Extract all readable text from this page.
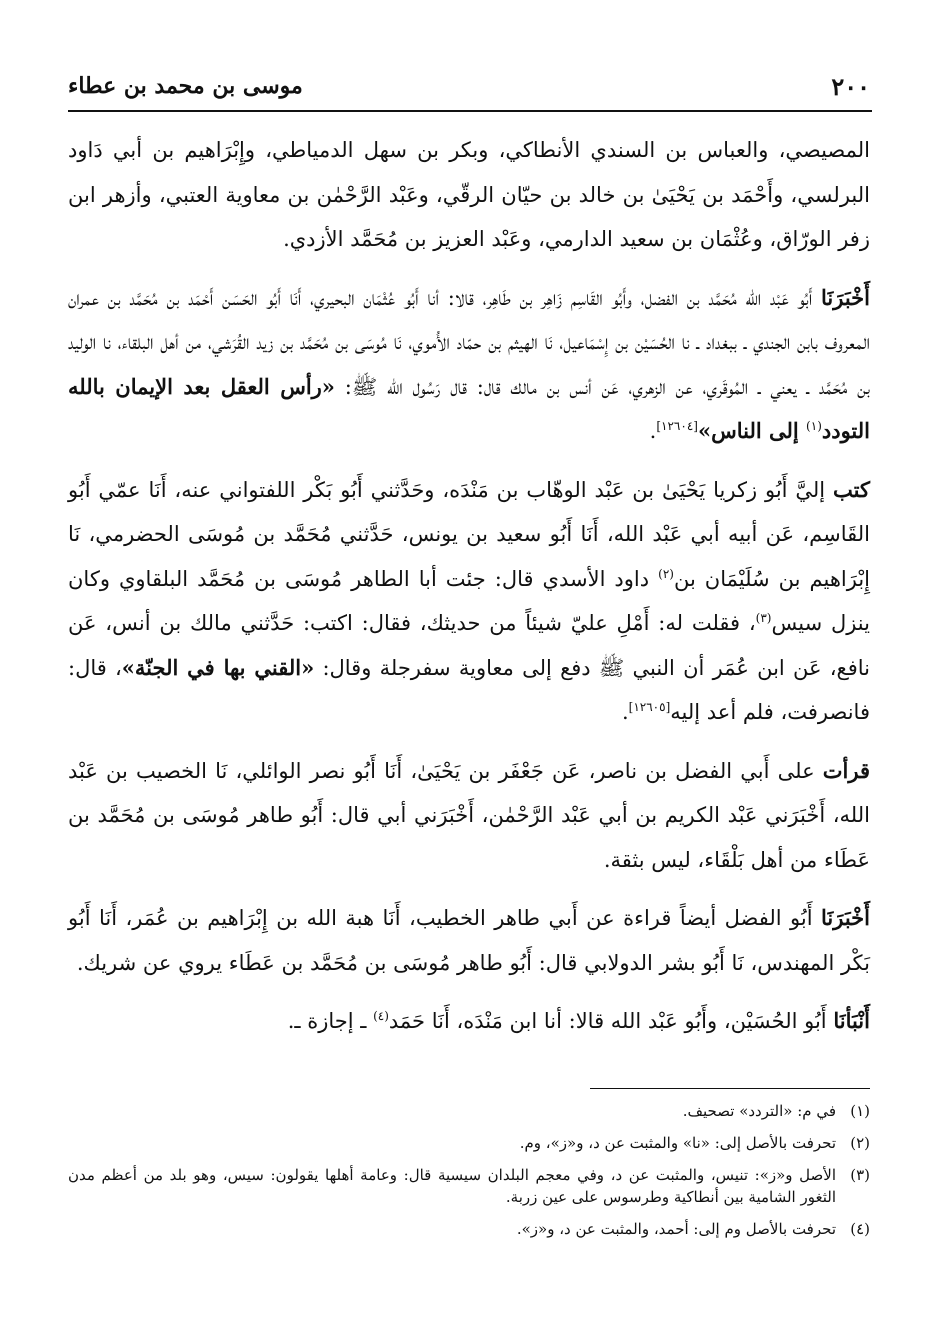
٢٠٠
موسى بن محمد بن عطاء

المصيصي، والعباس بن السندي الأنطاكي، وبكر بن سهل الدمياطي، وإِبْرَاهيم بن أبي دَاود البرلسي، وأَحْمَد بن يَحْيَىٰ بن خالد بن حيّان الرقّي، وعَبْد الرَّحْمٰن بن معاوية العتبي، وأزهر ابن زفر الورّاق، وعُثْمَان بن سعيد الدارمي، وعَبْد العزيز بن مُحَمَّد الأزدي.

أَخْبَرَنَا أَبُو عَبْد الله مُحَمَّد بن الفضل، وأَبُو القَاسِم زَاهِر بن طَاهِر، قالا: أنا أَبُو عُثْمَان البحيري، أَنَا أَبُو الحَسَن أَحْمَد بن مُحَمَّد بن عمران المعروف بابن الجندي ـ ببغداد ـ نا الحُسَيْن بن إِسْمَاعيل، نَا الهيثم بن حمّاد الأُموي، نَا مُوسَى بن مُحَمَّد بن زيد القُرَشي، من أهل البلقاء، نا الوليد بن مُحَمَّد ـ يعني ـ المُوقَري، عن الزهري، عَن أنس بن مالك قال: قال رَسُول الله ﷺ: «رأس العقل بعد الإيمان بالله التودد$^{(١)}$ إلى الناس»[١٢٦٠٤].

كتب إليَّ أَبُو زكريا يَحْيَىٰ بن عَبْد الوهّاب بن مَنْدَه، وحَدَّثني أَبُو بَكْر اللفتواني عنه، أَنَا عمّي أَبُو القَاسِم، عَن أبيه أبي عَبْد الله، أَنَا أَبُو سعيد بن يونس، حَدَّثني مُحَمَّد بن مُوسَى الحضرمي، نَا إِبْرَاهيم بن سُلَيْمَان بن$^{(٢)}$ داود الأسدي قال: جئت أبا الطاهر مُوسَى بن مُحَمَّد البلقاوي وكان ينزل سيس$^{(٣)}$، فقلت له: أَمْلِ عليّ شيئاً من حديثك، فقال: اكتب: حَدَّثني مالك بن أنس، عَن نافع، عَن ابن عُمَر أن النبي ﷺ دفع إلى معاوية سفرجلة وقال: «القني بها في الجنّة»، قال: فانصرفت، فلم أعد إليه[١٢٦٠٥].

قرأت على أَبي الفضل بن ناصر، عَن جَعْفَر بن يَحْيَىٰ، أَنَا أَبُو نصر الوائلي، نَا الخصيب بن عَبْد الله، أَخْبَرَني عَبْد الكريم بن أبي عَبْد الرَّحْمٰن، أَخْبَرَني أبي قال: أَبُو طاهر مُوسَى بن مُحَمَّد بن عَطَاء من أهل بَلْقَاء، ليس بثقة.

أَخْبَرَنَا أَبُو الفضل أيضاً قراءة عن أَبي طاهر الخطيب، أَنَا هبة الله بن إِبْرَاهيم بن عُمَر، أَنَا أَبُو بَكْر المهندس، نَا أَبُو بشر الدولابي قال: أَبُو طاهر مُوسَى بن مُحَمَّد بن عَطَاء يروي عن شريك.

أَنْبَأنَا أَبُو الحُسَيْن، وأَبُو عَبْد الله قالا: أنا ابن مَنْدَه، أَنَا حَمَد$^{(٤)}$ ـ إجازة ـ.

(١)
في م: «التردد» تصحيف.
(٢)
تحرفت بالأصل إلى: «نا» والمثبت عن د، و«ز»، وم.
(٣)
الأصل و«ز»: تنيس، والمثبت عن د، وفي معجم البلدان سيسية قال: وعامة أهلها يقولون: سيس، وهو بلد من أعظم مدن الثغور الشامية بين أنطاكية وطرسوس على عين زربة.
(٤)
تحرفت بالأصل وم إلى: أحمد، والمثبت عن د، و«ز».
